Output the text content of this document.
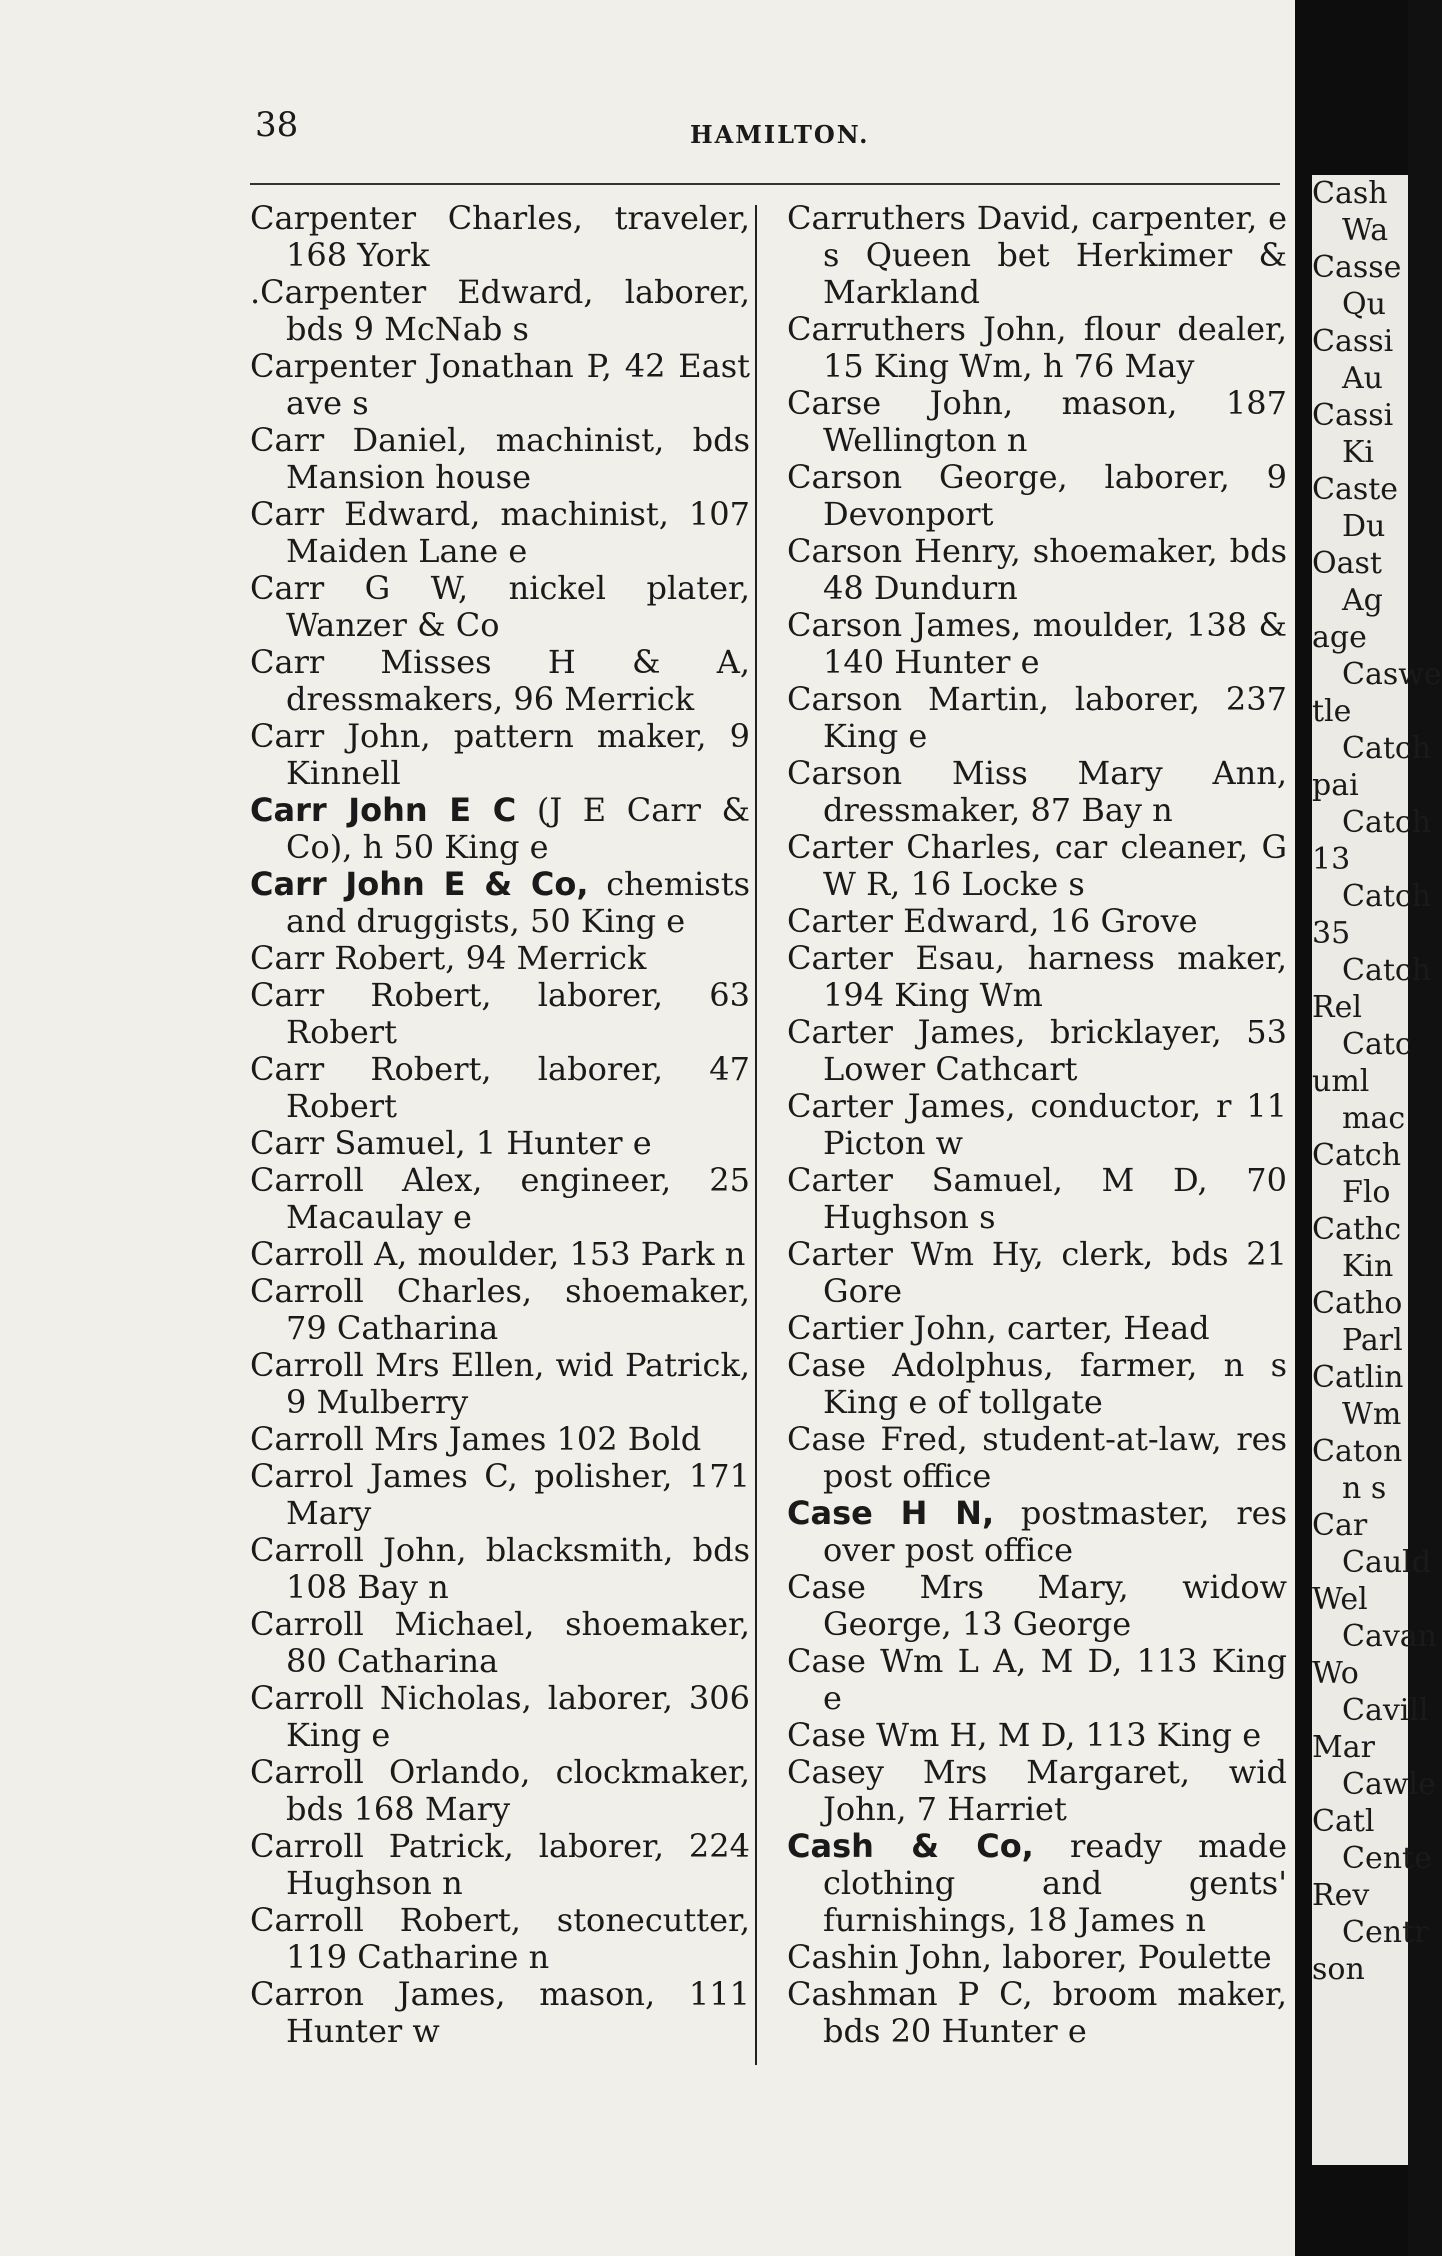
38	HAMILTON.
Carpenter Charles, traveler, 168 York
.Carpenter Edward, laborer, bds 9 McNab s
Carpenter Jonathan P, 42 East ave s
Carr Daniel, machinist, bds Mansion house
Carr Edward, machinist, 107 Maiden Lane e
Carr G W, nickel plater, Wanzer & Co
Carr Misses H & A, dressmakers, 96 Merrick
Carr John, pattern maker, 9 Kinnell
Carr John E C (J E Carr & Co), h 50 King e
Carr John E & Co, chemists and druggists, 50 King e
Carr Robert, 94 Merrick
Carr Robert, laborer, 63 Robert
Carr Robert, laborer, 47 Robert
Carr Samuel, 1 Hunter e
Carroll Alex, engineer, 25 Macaulay e
Carroll A, moulder, 153 Park n
Carroll Charles, shoemaker, 79 Catharina
Carroll Mrs Ellen, wid Patrick, 9 Mulberry
Carroll Mrs James 102 Bold
Carrol James C, polisher, 171 Mary
Carroll John, blacksmith, bds 108 Bay n
Carroll Michael, shoemaker, 80 Catharina
Carroll Nicholas, laborer, 306 King e
Carroll Orlando, clockmaker, bds 168 Mary
Carroll Patrick, laborer, 224 Hughson n
Carroll Robert, stonecutter, 119 Catharine n
Carron James, mason, 111 Hunter w
Carruthers David, carpenter, e s Queen bet Herkimer & Markland
Carruthers John, flour dealer, 15 King Wm, h 76 May
Carse John, mason, 187 Wellington n
Carson George, laborer, 9 Devonport
Carson Henry, shoemaker, bds 48 Dundurn
Carson James, moulder, 138 & 140 Hunter e
Carson Martin, laborer, 237 King e
Carson Miss Mary Ann, dressmaker, 87 Bay n
Carter Charles, car cleaner, G W R, 16 Locke s
Carter Edward, 16 Grove
Carter Esau, harness maker, 194 King Wm
Carter James, bricklayer, 53 Lower Cathcart
Carter James, conductor, r 11 Picton w
Carter Samuel, M D, 70 Hughson s
Carter Wm Hy, clerk, bds 21 Gore
Cartier John, carter, Head
Case Adolphus, farmer, n s King e of tollgate
Case Fred, student-at-law, res post office
Case H N, postmaster, res over post office
Case Mrs Mary, widow George, 13 George
Case Wm L A, M D, 113 King e
Case Wm H, M D, 113 King e
Casey Mrs Margaret, wid John, 7 Harriet
Cash & Co, ready made clothing and gents' furnishings, 18 James n
Cashin John, laborer, Poulette
Cashman P C, broom maker, bds 20 Hunter e
Cash
Wa
Casse
Qu
Cassi
Au
Cassi
Ki
Caste
Du
Oast
Ag
age
Caswe
tle
Catch
pai
Catch
13
Catch
35
Catch
Rel
Catc
uml
mac
Catch
Flo
Cathc
Kin
Catho
Parl
Catlin
Wm
Caton
n s
Car
Cauld
Wel
Cavan
Wo
Cavill
Mar
Cawle
Catl
Cente
Rev
Centr
son
